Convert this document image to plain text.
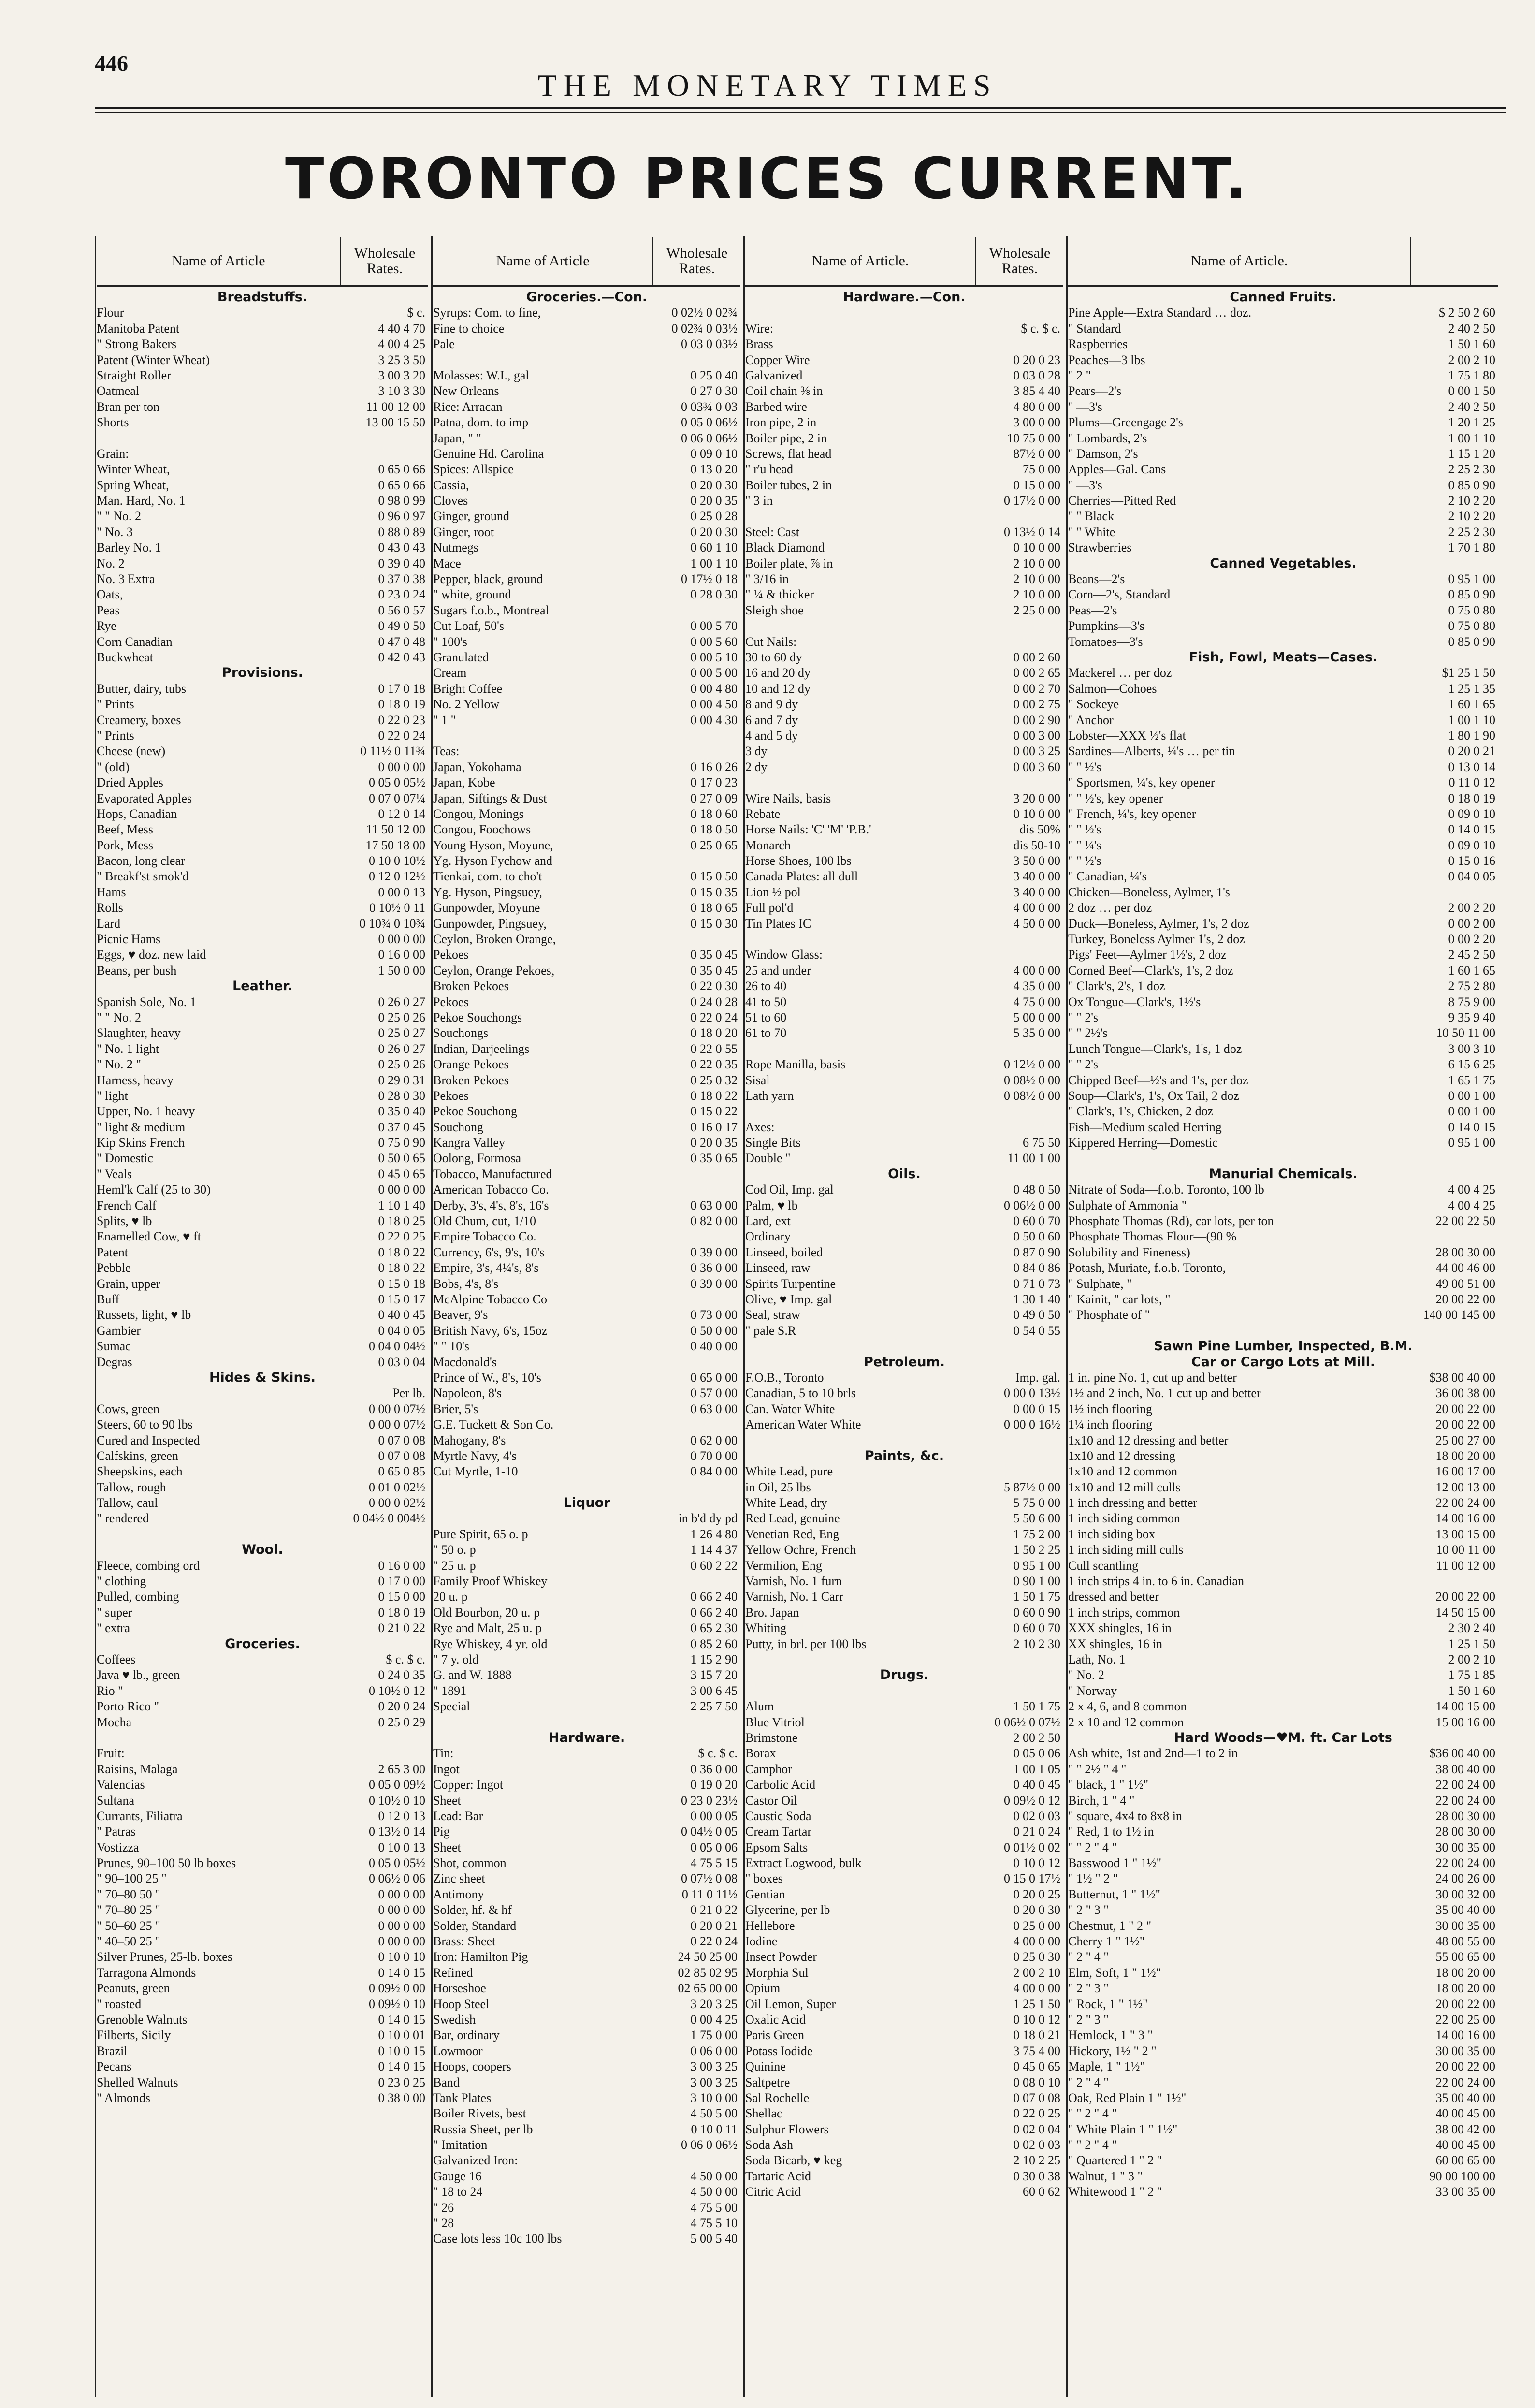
446
THE MONETARY TIMES
TORONTO PRICES CURRENT.
Name of Article	Wholesale Rates.
Breadstuffs.
Flour	$ c.
Manitoba Patent	4 40 4 70
" Strong Bakers	4 00 4 25
Patent (Winter Wheat)	3 25 3 50
Straight Roller	3 00 3 20
Oatmeal	3 10 3 30
Bran per ton	11 00 12 00
Shorts	13 00 15 50
Grain:
Winter Wheat,	0 65 0 66
Spring Wheat,	0 65 0 66
Man. Hard, No. 1	0 98 0 99
" " No. 2	0 96 0 97
" No. 3	0 88 0 89
Barley No. 1	0 43 0 43
No. 2	0 39 0 40
No. 3 Extra	0 37 0 38
Oats,	0 23 0 24
Peas	0 56 0 57
Rye	0 49 0 50
Corn Canadian	0 47 0 48
Buckwheat	0 42 0 43
Provisions.
Butter, dairy, tubs	0 17 0 18
" Prints	0 18 0 19
Creamery, boxes	0 22 0 23
" Prints	0 22 0 24
Cheese (new)	0 11½ 0 11¾
" (old)	0 00 0 00
Dried Apples	0 05 0 05½
Evaporated Apples	0 07 0 07¼
Hops, Canadian	0 12 0 14
Beef, Mess	11 50 12 00
Pork, Mess	17 50 18 00
Bacon, long clear	0 10 0 10½
" Breakf'st smok'd	0 12 0 12½
Hams	0 00 0 13
Rolls	0 10½ 0 11
Lard	0 10¾ 0 10¾
Picnic Hams	0 00 0 00
Eggs, ♥ doz. new laid	0 16 0 00
Beans, per bush	1 50 0 00
Leather.
Spanish Sole, No. 1	0 26 0 27
" " No. 2	0 25 0 26
Slaughter, heavy	0 25 0 27
" No. 1 light	0 26 0 27
" No. 2 "	0 25 0 26
Harness, heavy	0 29 0 31
" light	0 28 0 30
Upper, No. 1 heavy	0 35 0 40
" light & medium	0 37 0 45
Kip Skins French	0 75 0 90
" Domestic	0 50 0 65
" Veals	0 45 0 65
Heml'k Calf (25 to 30)	0 00 0 00
French Calf	1 10 1 40
Splits, ♥ lb	0 18 0 25
Enamelled Cow, ♥ ft	0 22 0 25
Patent	0 18 0 22
Pebble	0 18 0 22
Grain, upper	0 15 0 18
Buff	0 15 0 17
Russets, light, ♥ lb	0 40 0 45
Gambier	0 04 0 05
Sumac	0 04 0 04½
Degras	0 03 0 04
Hides & Skins.
Per lb.
Cows, green	0 00 0 07½
Steers, 60 to 90 lbs	0 00 0 07½
Cured and Inspected	0 07 0 08
Calfskins, green	0 07 0 08
Sheepskins, each	0 65 0 85
Tallow, rough	0 01 0 02½
Tallow, caul	0 00 0 02½
" rendered	0 04½ 0 004½
Wool.
Fleece, combing ord	0 16 0 00
" clothing	0 17 0 00
Pulled, combing	0 15 0 00
" super	0 18 0 19
" extra	0 21 0 22
Groceries.
Coffees	$ c. $ c.
Java ♥ lb., green	0 24 0 35
Rio "	0 10½ 0 12
Porto Rico "	0 20 0 24
Mocha	0 25 0 29
Fruit:
Raisins, Malaga	2 65 3 00
Valencias	0 05 0 09½
Sultana	0 10½ 0 10
Currants, Filiatra	0 12 0 13
" Patras	0 13½ 0 14
Vostizza	0 10 0 13
Prunes, 90–100 50 lb boxes	0 05 0 05½
" 90–100 25 "	0 06½ 0 06
" 70–80 50 "	0 00 0 00
" 70–80 25 "	0 00 0 00
" 50–60 25 "	0 00 0 00
" 40–50 25 "	0 00 0 00
Silver Prunes, 25-lb. boxes	0 10 0 10
Tarragona Almonds	0 14 0 15
Peanuts, green	0 09½ 0 00
" roasted	0 09½ 0 10
Grenoble Walnuts	0 14 0 15
Filberts, Sicily	0 10 0 01
Brazil	0 10 0 15
Pecans	0 14 0 15
Shelled Walnuts	0 23 0 25
" Almonds	0 38 0 00
Name of Article	Wholesale Rates.
Groceries.—Con.
Syrups: Com. to fine,	0 02½ 0 02¾
Fine to choice	0 02¾ 0 03½
Pale	0 03 0 03½
Molasses: W.I., gal	0 25 0 40
New Orleans	0 27 0 30
Rice: Arracan	0 03¾ 0 03
Patna, dom. to imp	0 05 0 06½
Japan, " "	0 06 0 06½
Genuine Hd. Carolina	0 09 0 10
Spices: Allspice	0 13 0 20
Cassia,	0 20 0 30
Cloves	0 20 0 35
Ginger, ground	0 25 0 28
Ginger, root	0 20 0 30
Nutmegs	0 60 1 10
Mace	1 00 1 10
Pepper, black, ground	0 17½ 0 18
" white, ground	0 28 0 30
Sugars f.o.b., Montreal
Cut Loaf, 50's	0 00 5 70
" 100's	0 00 5 60
Granulated	0 00 5 10
Cream	0 00 5 00
Bright Coffee	0 00 4 80
No. 2 Yellow	0 00 4 50
" 1 "	0 00 4 30
Teas:
Japan, Yokohama	0 16 0 26
Japan, Kobe	0 17 0 23
Japan, Siftings & Dust	0 27 0 09
Congou, Monings	0 18 0 60
Congou, Foochows	0 18 0 50
Young Hyson, Moyune,	0 25 0 65
Yg. Hyson Fychow and
Tienkai, com. to cho't	0 15 0 50
Yg. Hyson, Pingsuey,	0 15 0 35
Gunpowder, Moyune	0 18 0 65
Gunpowder, Pingsuey,	0 15 0 30
Ceylon, Broken Orange,
Pekoes	0 35 0 45
Ceylon, Orange Pekoes,	0 35 0 45
Broken Pekoes	0 22 0 30
Pekoes	0 24 0 28
Pekoe Souchongs	0 22 0 24
Souchongs	0 18 0 20
Indian, Darjeelings	0 22 0 55
Orange Pekoes	0 22 0 35
Broken Pekoes	0 25 0 32
Pekoes	0 18 0 22
Pekoe Souchong	0 15 0 22
Souchong	0 16 0 17
Kangra Valley	0 20 0 35
Oolong, Formosa	0 35 0 65
Tobacco, Manufactured
American Tobacco Co.
Derby, 3's, 4's, 8's, 16's	0 63 0 00
Old Chum, cut, 1/10	0 82 0 00
Empire Tobacco Co.
Currency, 6's, 9's, 10's	0 39 0 00
Empire, 3's, 4¼'s, 8's	0 36 0 00
Bobs, 4's, 8's	0 39 0 00
McAlpine Tobacco Co
Beaver, 9's	0 73 0 00
British Navy, 6's, 15oz	0 50 0 00
" " 10's	0 40 0 00
Macdonald's
Prince of W., 8's, 10's	0 65 0 00
Napoleon, 8's	0 57 0 00
Brier, 5's	0 63 0 00
G.E. Tuckett & Son Co.
Mahogany, 8's	0 62 0 00
Myrtle Navy, 4's	0 70 0 00
Cut Myrtle, 1-10	0 84 0 00
Liquor
in b'd dy pd
Pure Spirit, 65 o. p	1 26 4 80
" 50 o. p	1 14 4 37
" 25 u. p	0 60 2 22
Family Proof Whiskey
20 u. p	0 66 2 40
Old Bourbon, 20 u. p	0 66 2 40
Rye and Malt, 25 u. p	0 65 2 30
Rye Whiskey, 4 yr. old	0 85 2 60
" 7 y. old	1 15 2 90
G. and W. 1888	3 15 7 20
" 1891	3 00 6 45
Special	2 25 7 50
Hardware.
Tin:	$ c. $ c.
Ingot	0 36 0 00
Copper: Ingot	0 19 0 20
Sheet	0 23 0 23½
Lead: Bar	0 00 0 05
Pig	0 04½ 0 05
Sheet	0 05 0 06
Shot, common	4 75 5 15
Zinc sheet	0 07½ 0 08
Antimony	0 11 0 11½
Solder, hf. & hf	0 21 0 22
Solder, Standard	0 20 0 21
Brass: Sheet	0 22 0 24
Iron: Hamilton Pig	24 50 25 00
Refined	02 85 02 95
Horseshoe	02 65 00 00
Hoop Steel	3 20 3 25
Swedish	0 00 4 25
Bar, ordinary	1 75 0 00
Lowmoor	0 06 0 00
Hoops, coopers	3 00 3 25
Band	3 00 3 25
Tank Plates	3 10 0 00
Boiler Rivets, best	4 50 5 00
Russia Sheet, per lb	0 10 0 11
" Imitation	0 06 0 06½
Galvanized Iron:
Gauge 16	4 50 0 00
" 18 to 24	4 50 0 00
" 26	4 75 5 00
" 28	4 75 5 10
Case lots less 10c 100 lbs	5 00 5 40
Name of Article.	Wholesale Rates.
Hardware.—Con.
Wire:	$ c. $ c.
Brass
Copper Wire	0 20 0 23
Galvanized	0 03 0 28
Coil chain ⅜ in	3 85 4 40
Barbed wire	4 80 0 00
Iron pipe, 2 in	3 00 0 00
Boiler pipe, 2 in	10 75 0 00
Screws, flat head	87½ 0 00
" r'u head	75 0 00
Boiler tubes, 2 in	0 15 0 00
" 3 in	0 17½ 0 00
Steel: Cast	0 13½ 0 14
Black Diamond	0 10 0 00
Boiler plate, ⅞ in	2 10 0 00
" 3/16 in	2 10 0 00
" ¼ & thicker	2 10 0 00
Sleigh shoe	2 25 0 00
Cut Nails:
30 to 60 dy	0 00 2 60
16 and 20 dy	0 00 2 65
10 and 12 dy	0 00 2 70
8 and 9 dy	0 00 2 75
6 and 7 dy	0 00 2 90
4 and 5 dy	0 00 3 00
3 dy	0 00 3 25
2 dy	0 00 3 60
Wire Nails, basis	3 20 0 00
Rebate	0 10 0 00
Horse Nails: 'C' 'M' 'P.B.'	dis 50%
Monarch	dis 50-10
Horse Shoes, 100 lbs	3 50 0 00
Canada Plates: all dull	3 40 0 00
Lion ½ pol	3 40 0 00
Full pol'd	4 00 0 00
Tin Plates IC	4 50 0 00
Window Glass:
25 and under	4 00 0 00
26 to 40	4 35 0 00
41 to 50	4 75 0 00
51 to 60	5 00 0 00
61 to 70	5 35 0 00
Rope Manilla, basis	0 12½ 0 00
Sisal	0 08½ 0 00
Lath yarn	0 08½ 0 00
Axes:
Single Bits	6 75 50
Double "	11 00 1 00
Oils.
Cod Oil, Imp. gal	0 48 0 50
Palm, ♥ lb	0 06½ 0 00
Lard, ext	0 60 0 70
Ordinary	0 50 0 60
Linseed, boiled	0 87 0 90
Linseed, raw	0 84 0 86
Spirits Turpentine	0 71 0 73
Olive, ♥ Imp. gal	1 30 1 40
Seal, straw	0 49 0 50
" pale S.R	0 54 0 55
Petroleum.
F.O.B., Toronto	Imp. gal.
Canadian, 5 to 10 brls	0 00 0 13½
Can. Water White	0 00 0 15
American Water White	0 00 0 16½
Paints, &c.
White Lead, pure
in Oil, 25 lbs	5 87½ 0 00
White Lead, dry	5 75 0 00
Red Lead, genuine	5 50 6 00
Venetian Red, Eng	1 75 2 00
Yellow Ochre, French	1 50 2 25
Vermilion, Eng	0 95 1 00
Varnish, No. 1 furn	0 90 1 00
Varnish, No. 1 Carr	1 50 1 75
Bro. Japan	0 60 0 90
Whiting	0 60 0 70
Putty, in brl. per 100 lbs	2 10 2 30
Drugs.
Alum	1 50 1 75
Blue Vitriol	0 06½ 0 07½
Brimstone	2 00 2 50
Borax	0 05 0 06
Camphor	1 00 1 05
Carbolic Acid	0 40 0 45
Castor Oil	0 09½ 0 12
Caustic Soda	0 02 0 03
Cream Tartar	0 21 0 24
Epsom Salts	0 01½ 0 02
Extract Logwood, bulk	0 10 0 12
" boxes	0 15 0 17½
Gentian	0 20 0 25
Glycerine, per lb	0 20 0 30
Hellebore	0 25 0 00
Iodine	4 00 0 00
Insect Powder	0 25 0 30
Morphia Sul	2 00 2 10
Opium	4 00 0 00
Oil Lemon, Super	1 25 1 50
Oxalic Acid	0 10 0 12
Paris Green	0 18 0 21
Potass Iodide	3 75 4 00
Quinine	0 45 0 65
Saltpetre	0 08 0 10
Sal Rochelle	0 07 0 08
Shellac	0 22 0 25
Sulphur Flowers	0 02 0 04
Soda Ash	0 02 0 03
Soda Bicarb, ♥ keg	2 10 2 25
Tartaric Acid	0 30 0 38
Citric Acid	60 0 62
Name of Article.
Canned Fruits.
Pine Apple—Extra Standard … doz.	$ 2 50 2 60
" Standard	2 40 2 50
Raspberries	1 50 1 60
Peaches—3 lbs	2 00 2 10
" 2 "	1 75 1 80
Pears—2's	0 00 1 50
" —3's	2 40 2 50
Plums—Greengage 2's	1 20 1 25
" Lombards, 2's	1 00 1 10
" Damson, 2's	1 15 1 20
Apples—Gal. Cans	2 25 2 30
" —3's	0 85 0 90
Cherries—Pitted Red	2 10 2 20
" " Black	2 10 2 20
" " White	2 25 2 30
Strawberries	1 70 1 80
Canned Vegetables.
Beans—2's	0 95 1 00
Corn—2's, Standard	0 85 0 90
Peas—2's	0 75 0 80
Pumpkins—3's	0 75 0 80
Tomatoes—3's	0 85 0 90
Fish, Fowl, Meats—Cases.
Mackerel … per doz	$1 25 1 50
Salmon—Cohoes	1 25 1 35
" Sockeye	1 60 1 65
" Anchor	1 00 1 10
Lobster—XXX ½'s flat	1 80 1 90
Sardines—Alberts, ¼'s … per tin	0 20 0 21
" " ½'s	0 13 0 14
" Sportsmen, ¼'s, key opener	0 11 0 12
" " ½'s, key opener	0 18 0 19
" French, ¼'s, key opener	0 09 0 10
" " ½'s	0 14 0 15
" " ¼'s	0 09 0 10
" " ½'s	0 15 0 16
" Canadian, ¼'s	0 04 0 05
Chicken—Boneless, Aylmer, 1's
2 doz … per doz	2 00 2 20
Duck—Boneless, Aylmer, 1's, 2 doz	0 00 2 00
Turkey, Boneless Aylmer 1's, 2 doz	0 00 2 20
Pigs' Feet—Aylmer 1½'s, 2 doz	2 45 2 50
Corned Beef—Clark's, 1's, 2 doz	1 60 1 65
" Clark's, 2's, 1 doz	2 75 2 80
Ox Tongue—Clark's, 1½'s	8 75 9 00
" " 2's	9 35 9 40
" " 2½'s	10 50 11 00
Lunch Tongue—Clark's, 1's, 1 doz	3 00 3 10
" " 2's	6 15 6 25
Chipped Beef—½'s and 1's, per doz	1 65 1 75
Soup—Clark's, 1's, Ox Tail, 2 doz	0 00 1 00
" Clark's, 1's, Chicken, 2 doz	0 00 1 00
Fish—Medium scaled Herring	0 14 0 15
Kippered Herring—Domestic	0 95 1 00
Manurial Chemicals.
Nitrate of Soda—f.o.b. Toronto, 100 lb	4 00 4 25
Sulphate of Ammonia "	4 00 4 25
Phosphate Thomas (Rd), car lots, per ton	22 00 22 50
Phosphate Thomas Flour—(90 %
Solubility and Fineness)	28 00 30 00
Potash, Muriate, f.o.b. Toronto,	44 00 46 00
" Sulphate, "	49 00 51 00
" Kainit, " car lots, "	20 00 22 00
" Phosphate of "	140 00 145 00
Sawn Pine Lumber, Inspected, B.M.
Car or Cargo Lots at Mill.
1 in. pine No. 1, cut up and better	$38 00 40 00
1½ and 2 inch, No. 1 cut up and better	36 00 38 00
1½ inch flooring	20 00 22 00
1¼ inch flooring	20 00 22 00
1x10 and 12 dressing and better	25 00 27 00
1x10 and 12 dressing	18 00 20 00
1x10 and 12 common	16 00 17 00
1x10 and 12 mill culls	12 00 13 00
1 inch dressing and better	22 00 24 00
1 inch siding common	14 00 16 00
1 inch siding box	13 00 15 00
1 inch siding mill culls	10 00 11 00
Cull scantling	11 00 12 00
1 inch strips 4 in. to 6 in. Canadian
dressed and better	20 00 22 00
1 inch strips, common	14 50 15 00
XXX shingles, 16 in	2 30 2 40
XX shingles, 16 in	1 25 1 50
Lath, No. 1	2 00 2 10
" No. 2	1 75 1 85
" Norway	1 50 1 60
2 x 4, 6, and 8 common	14 00 15 00
2 x 10 and 12 common	15 00 16 00
Hard Woods—♥M. ft. Car Lots
Ash white, 1st and 2nd—1 to 2 in	$36 00 40 00
" " 2½ " 4 "	38 00 40 00
" black, 1 " 1½"	22 00 24 00
Birch, 1 " 4 "	22 00 24 00
" square, 4x4 to 8x8 in	28 00 30 00
" Red, 1 to 1½ in	28 00 30 00
" " 2 " 4 "	30 00 35 00
Basswood 1 " 1½"	22 00 24 00
" 1½ " 2 "	24 00 26 00
Butternut, 1 " 1½"	30 00 32 00
" 2 " 3 "	35 00 40 00
Chestnut, 1 " 2 "	30 00 35 00
Cherry 1 " 1½"	48 00 55 00
" 2 " 4 "	55 00 65 00
Elm, Soft, 1 " 1½"	18 00 20 00
" 2 " 3 "	18 00 20 00
" Rock, 1 " 1½"	20 00 22 00
" 2 " 3 "	22 00 25 00
Hemlock, 1 " 3 "	14 00 16 00
Hickory, 1½ " 2 "	30 00 35 00
Maple, 1 " 1½"	20 00 22 00
" 2 " 4 "	22 00 24 00
Oak, Red Plain 1 " 1½"	35 00 40 00
" " 2 " 4 "	40 00 45 00
" White Plain 1 " 1½"	38 00 42 00
" " 2 " 4 "	40 00 45 00
" Quartered 1 " 2 "	60 00 65 00
Walnut, 1 " 3 "	90 00 100 00
Whitewood 1 " 2 "	33 00 35 00
